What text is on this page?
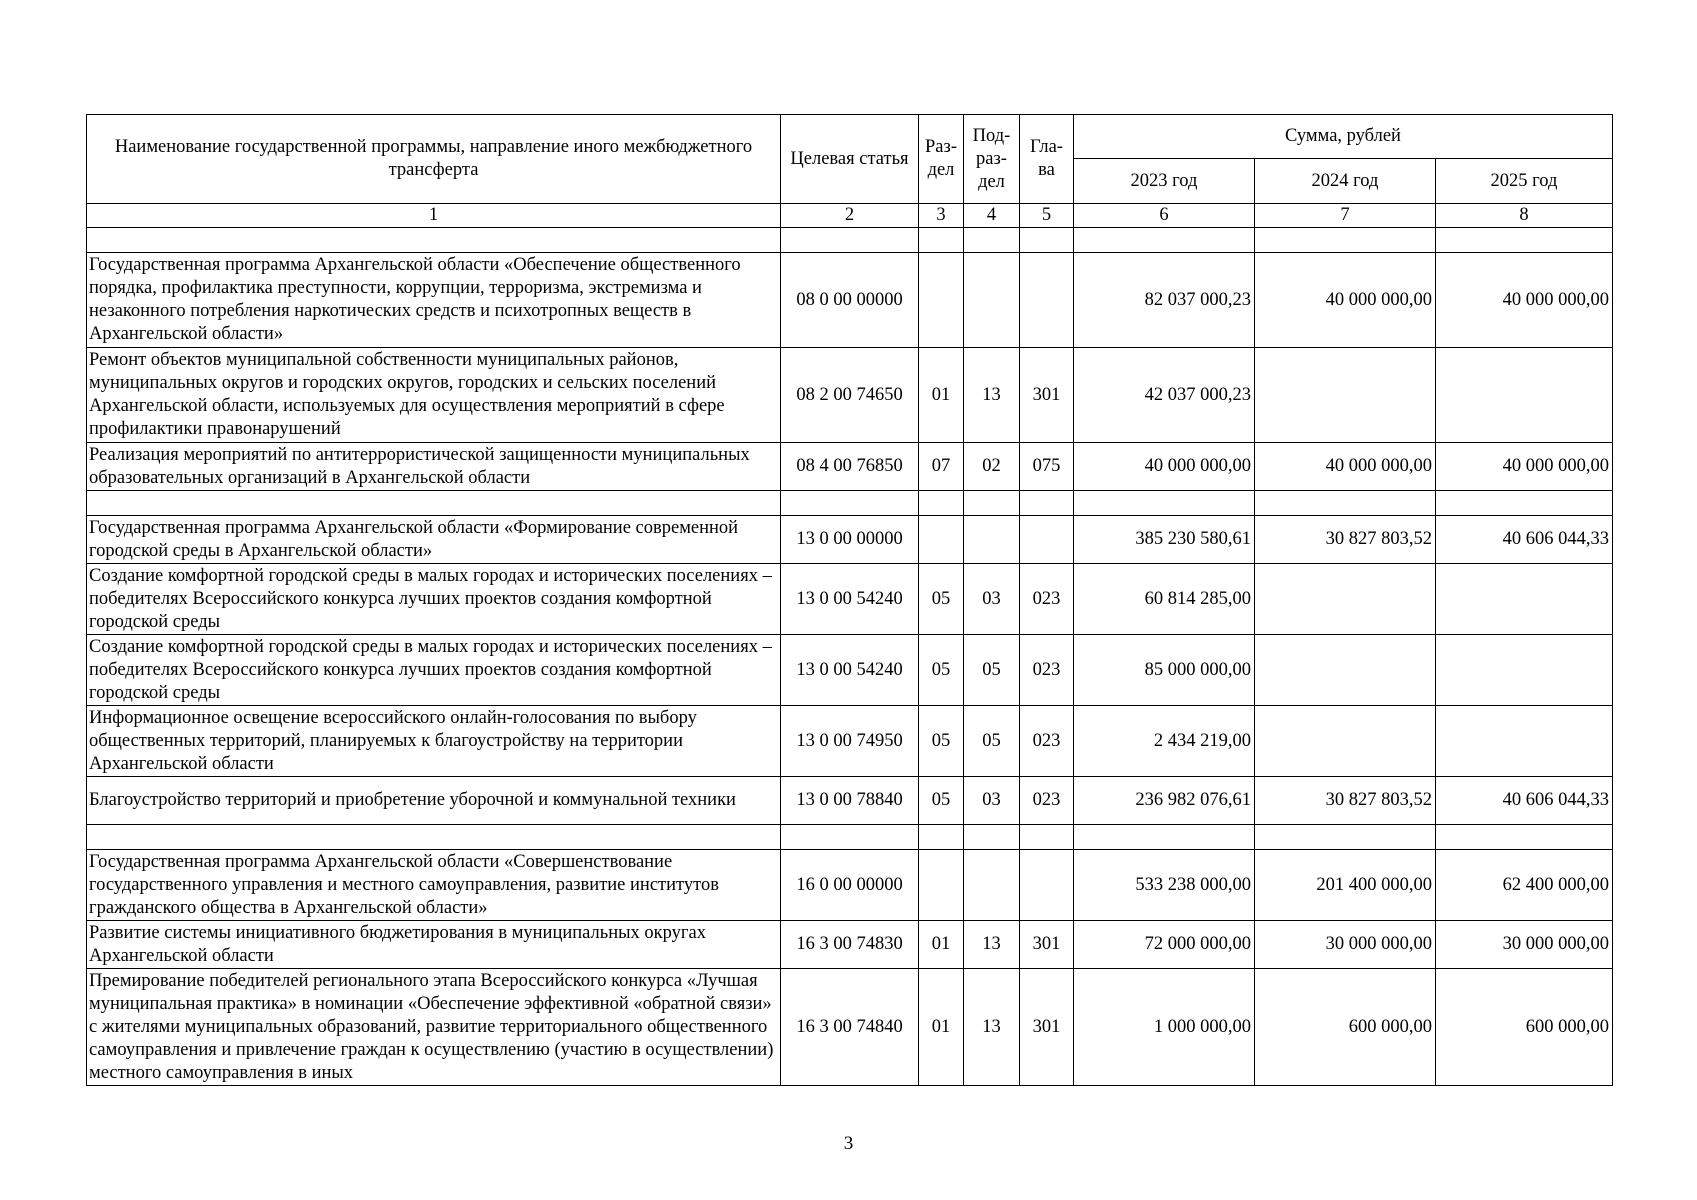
Наименование государственной программы, направление иного межбюджетного трансферта	Целевая статья	Раз-дел	Под-раз-дел	Гла-ва	Сумма, рублей		
					2023 год	2024 год	2025 год
1	2	3	4	5	6	7	8

Государственная программа Архангельской области «Обеспечение общественного порядка, профилактика преступности, коррупции, терроризма, экстремизма и незаконного потребления наркотических средств и психотропных веществ в Архангельской области»	08 0 00 00000				82 037 000,23	40 000 000,00	40 000 000,00
Ремонт объектов муниципальной собственности муниципальных районов, муниципальных округов и городских округов, городских и сельских поселений Архангельской области, используемых для осуществления мероприятий в сфере профилактики правонарушений	08 2 00 74650	01	13	301	42 037 000,23		
Реализация мероприятий по антитеррористической защищенности муниципальных образовательных организаций в Архангельской области	08 4 00 76850	07	02	075	40 000 000,00	40 000 000,00	40 000 000,00

Государственная программа Архангельской области «Формирование современной городской среды в Архангельской области»	13 0 00 00000				385 230 580,61	30 827 803,52	40 606 044,33
Создание комфортной городской среды в малых городах и исторических поселениях – победителях Всероссийского конкурса лучших проектов создания комфортной городской среды	13 0 00 54240	05	03	023	60 814 285,00		
Создание комфортной городской среды в малых городах и исторических поселениях – победителях Всероссийского конкурса лучших проектов создания комфортной городской среды	13 0 00 54240	05	05	023	85 000 000,00		
Информационное освещение всероссийского онлайн-голосования по выбору общественных территорий, планируемых к благоустройству на территории Архангельской области	13 0 00 74950	05	05	023	2 434 219,00		
Благоустройство территорий и приобретение уборочной и коммунальной техники	13 0 00 78840	05	03	023	236 982 076,61	30 827 803,52	40 606 044,33

Государственная программа Архангельской области «Совершенствование государственного управления и местного самоуправления, развитие институтов гражданского общества в Архангельской области»	16 0 00 00000				533 238 000,00	201 400 000,00	62 400 000,00
Развитие системы инициативного бюджетирования в муниципальных округах Архангельской области	16 3 00 74830	01	13	301	72 000 000,00	30 000 000,00	30 000 000,00
Премирование победителей регионального этапа Всероссийского конкурса «Лучшая муниципальная практика» в номинации «Обеспечение эффективной «обратной связи» с жителями муниципальных образований, развитие территориального общественного самоуправления и привлечение граждан к осуществлению (участию в осуществлении) местного самоуправления в иных	16 3 00 74840	01	13	301	1 000 000,00	600 000,00	600 000,00
3
